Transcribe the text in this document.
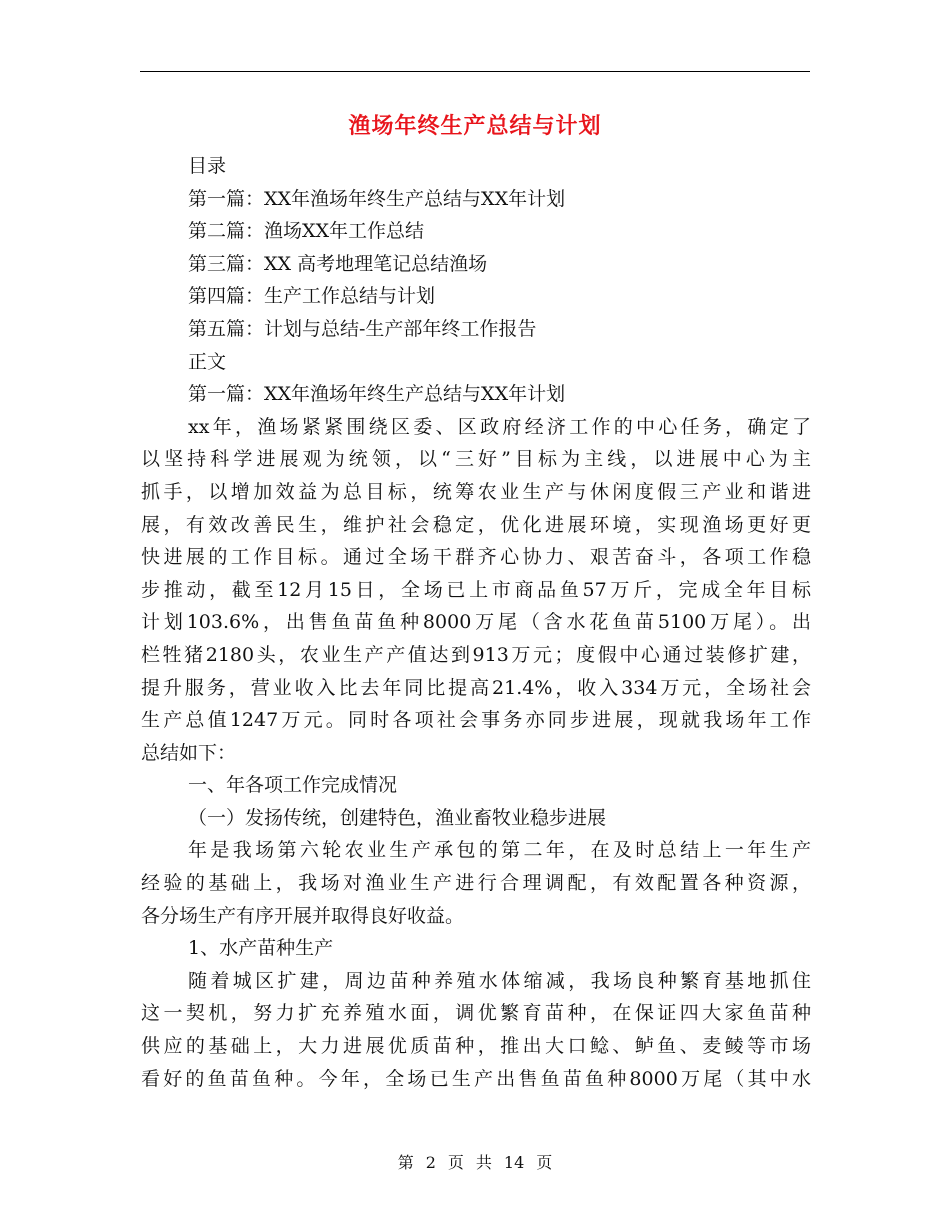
渔场年终生产总结与计划
目录
第一篇：XX年渔场年终生产总结与XX年计划
第二篇：渔场XX年工作总结
第三篇：XX 高考地理笔记总结渔场
第四篇：生产工作总结与计划
第五篇：计划与总结-生产部年终工作报告
正文
第一篇：XX年渔场年终生产总结与XX年计划
xx年，渔场紧紧围绕区委、区政府经济工作的中心任务，确定了
以坚持科学进展观为统领，以“三好”目标为主线，以进展中心为主
抓手，以增加效益为总目标，统筹农业生产与休闲度假三产业和谐进
展，有效改善民生，维护社会稳定，优化进展环境，实现渔场更好更
快进展的工作目标。通过全场干群齐心协力、艰苦奋斗，各项工作稳
步推动，截至12月15日，全场已上市商品鱼57万斤，完成全年目标
计划103.6%，出售鱼苗鱼种8000万尾（含水花鱼苗5100万尾）。出
栏牲猪2180头，农业生产产值达到913万元；度假中心通过装修扩建，
提升服务，营业收入比去年同比提高21.4%，收入334万元，全场社会
生产总值1247万元。同时各项社会事务亦同步进展，现就我场年工作
总结如下：
一、年各项工作完成情况
（一）发扬传统，创建特色，渔业畜牧业稳步进展
年是我场第六轮农业生产承包的第二年，在及时总结上一年生产
经验的基础上，我场对渔业生产进行合理调配，有效配置各种资源，
各分场生产有序开展并取得良好收益。
1、水产苗种生产
随着城区扩建，周边苗种养殖水体缩减，我场良种繁育基地抓住
这一契机，努力扩充养殖水面，调优繁育苗种，在保证四大家鱼苗种
供应的基础上，大力进展优质苗种，推出大口鲶、鲈鱼、麦鲮等市场
看好的鱼苗鱼种。今年，全场已生产出售鱼苗鱼种8000万尾（其中水
第 2 页 共 14 页
